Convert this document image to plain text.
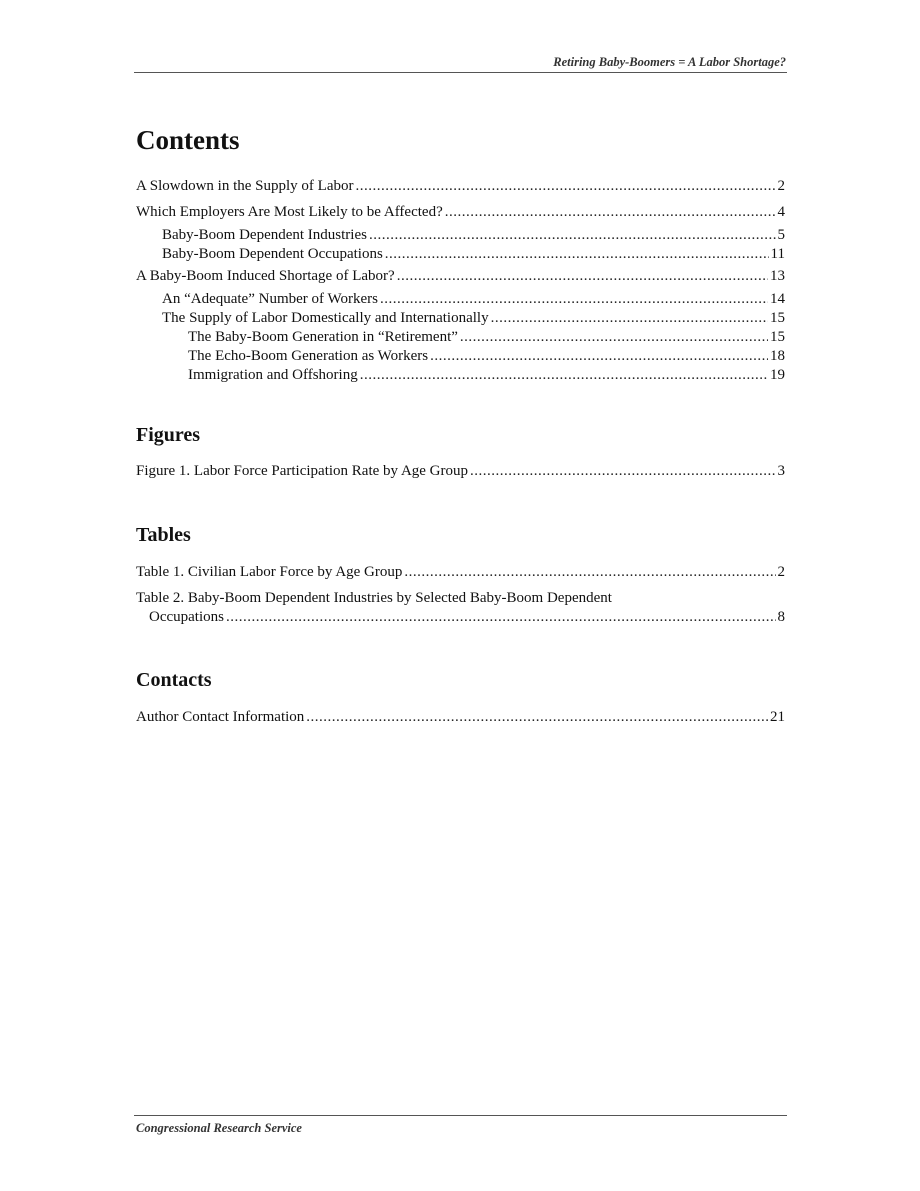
Retiring Baby-Boomers = A Labor Shortage?
Contents
A Slowdown in the Supply of Labor .....	2
Which Employers Are Most Likely to be Affected? .....	4
Baby-Boom Dependent Industries .....	5
Baby-Boom Dependent Occupations .....	11
A Baby-Boom Induced Shortage of Labor? .....	13
An “Adequate” Number of Workers .....	14
The Supply of Labor Domestically and Internationally .....	15
The Baby-Boom Generation in “Retirement” .....	15
The Echo-Boom Generation as Workers .....	18
Immigration and Offshoring .....	19
Figures
Figure 1. Labor Force Participation Rate by Age Group .....	3
Tables
Table 1. Civilian Labor Force by Age Group .....	2
Table 2. Baby-Boom Dependent Industries by Selected Baby-Boom Dependent
Occupations .....	8
Contacts
Author Contact Information .....	21
Congressional Research Service
